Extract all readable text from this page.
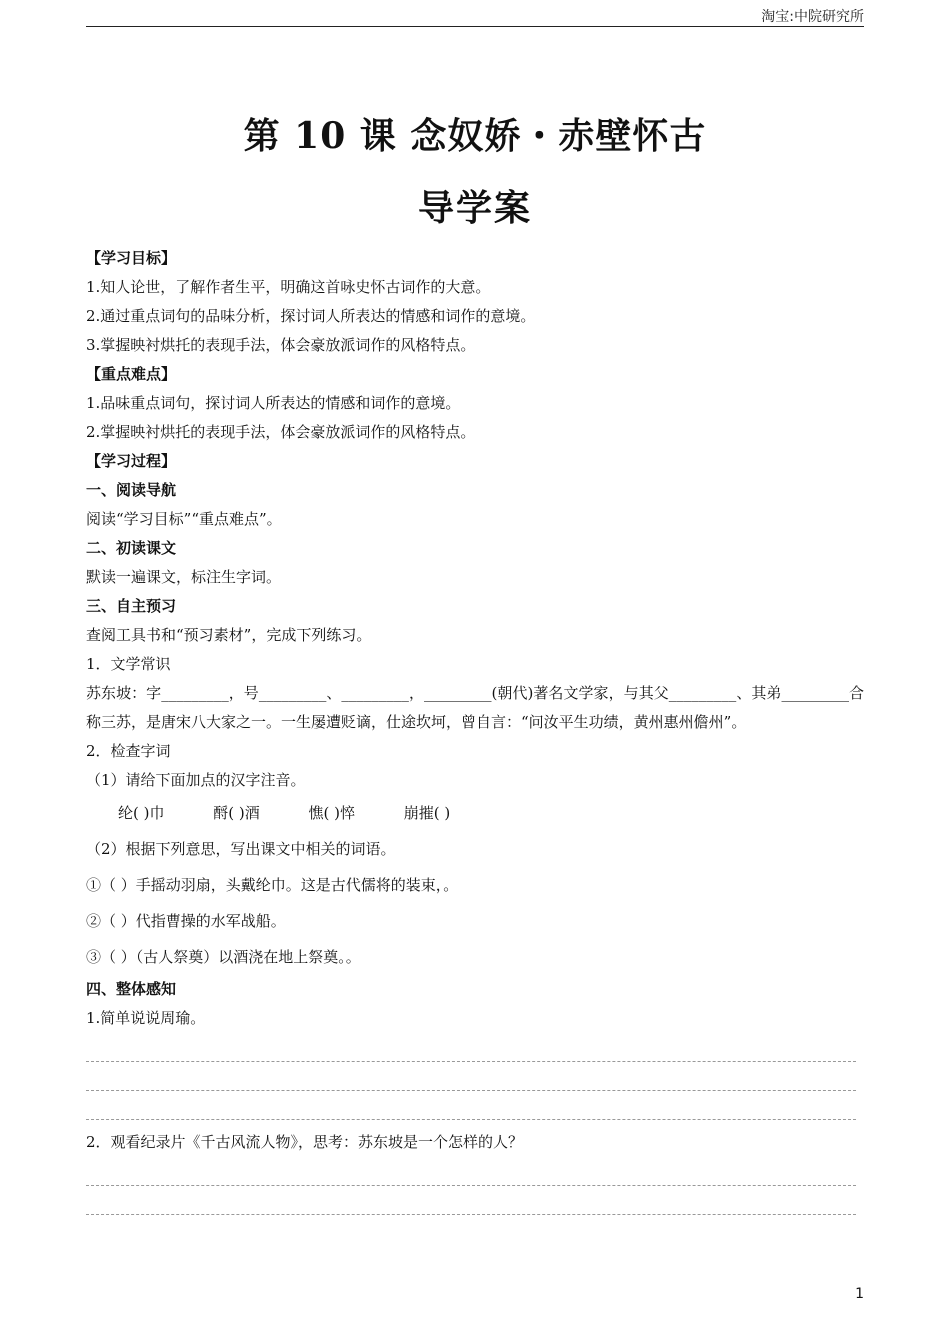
淘宝:中院研究所
第 10 课 念奴娇・赤壁怀古
导学案
【学习目标】
1.知人论世，了解作者生平，明确这首咏史怀古词作的大意。
2.通过重点词句的品味分析，探讨词人所表达的情感和词作的意境。
3.掌握映衬烘托的表现手法，体会豪放派词作的风格特点。
【重点难点】
1.品味重点词句，探讨词人所表达的情感和词作的意境。
2.掌握映衬烘托的表现手法，体会豪放派词作的风格特点。
【学习过程】
一、阅读导航
阅读“学习目标”“重点难点”。
二、初读课文
默读一遍课文，标注生字词。
三、自主预习
查阅工具书和“预习素材”，完成下列练习。
1．文学常识
苏东坡：字_________，号_________、_________，_________(朝代)著名文学家，与其父_________、其弟_________合称三苏，是唐宋八大家之一。一生屡遭贬谪，仕途坎坷，曾自言：“问汝平生功绩，黄州惠州儋州”。
2．检查字词
（1）请给下面加点的汉字注音。
纶( )巾	酹( )酒	憔( )悴	崩摧( )
（2）根据下列意思，写出课文中相关的词语。
①（ ）手摇动羽扇，头戴纶巾。这是古代儒将的装束，。
②（ ）代指曹操的水军战船。
③（ ）（古人祭奠）以酒浇在地上祭奠。。
四、整体感知
1.简单说说周瑜。
2．观看纪录片《千古风流人物》，思考：苏东坡是一个怎样的人？
1
